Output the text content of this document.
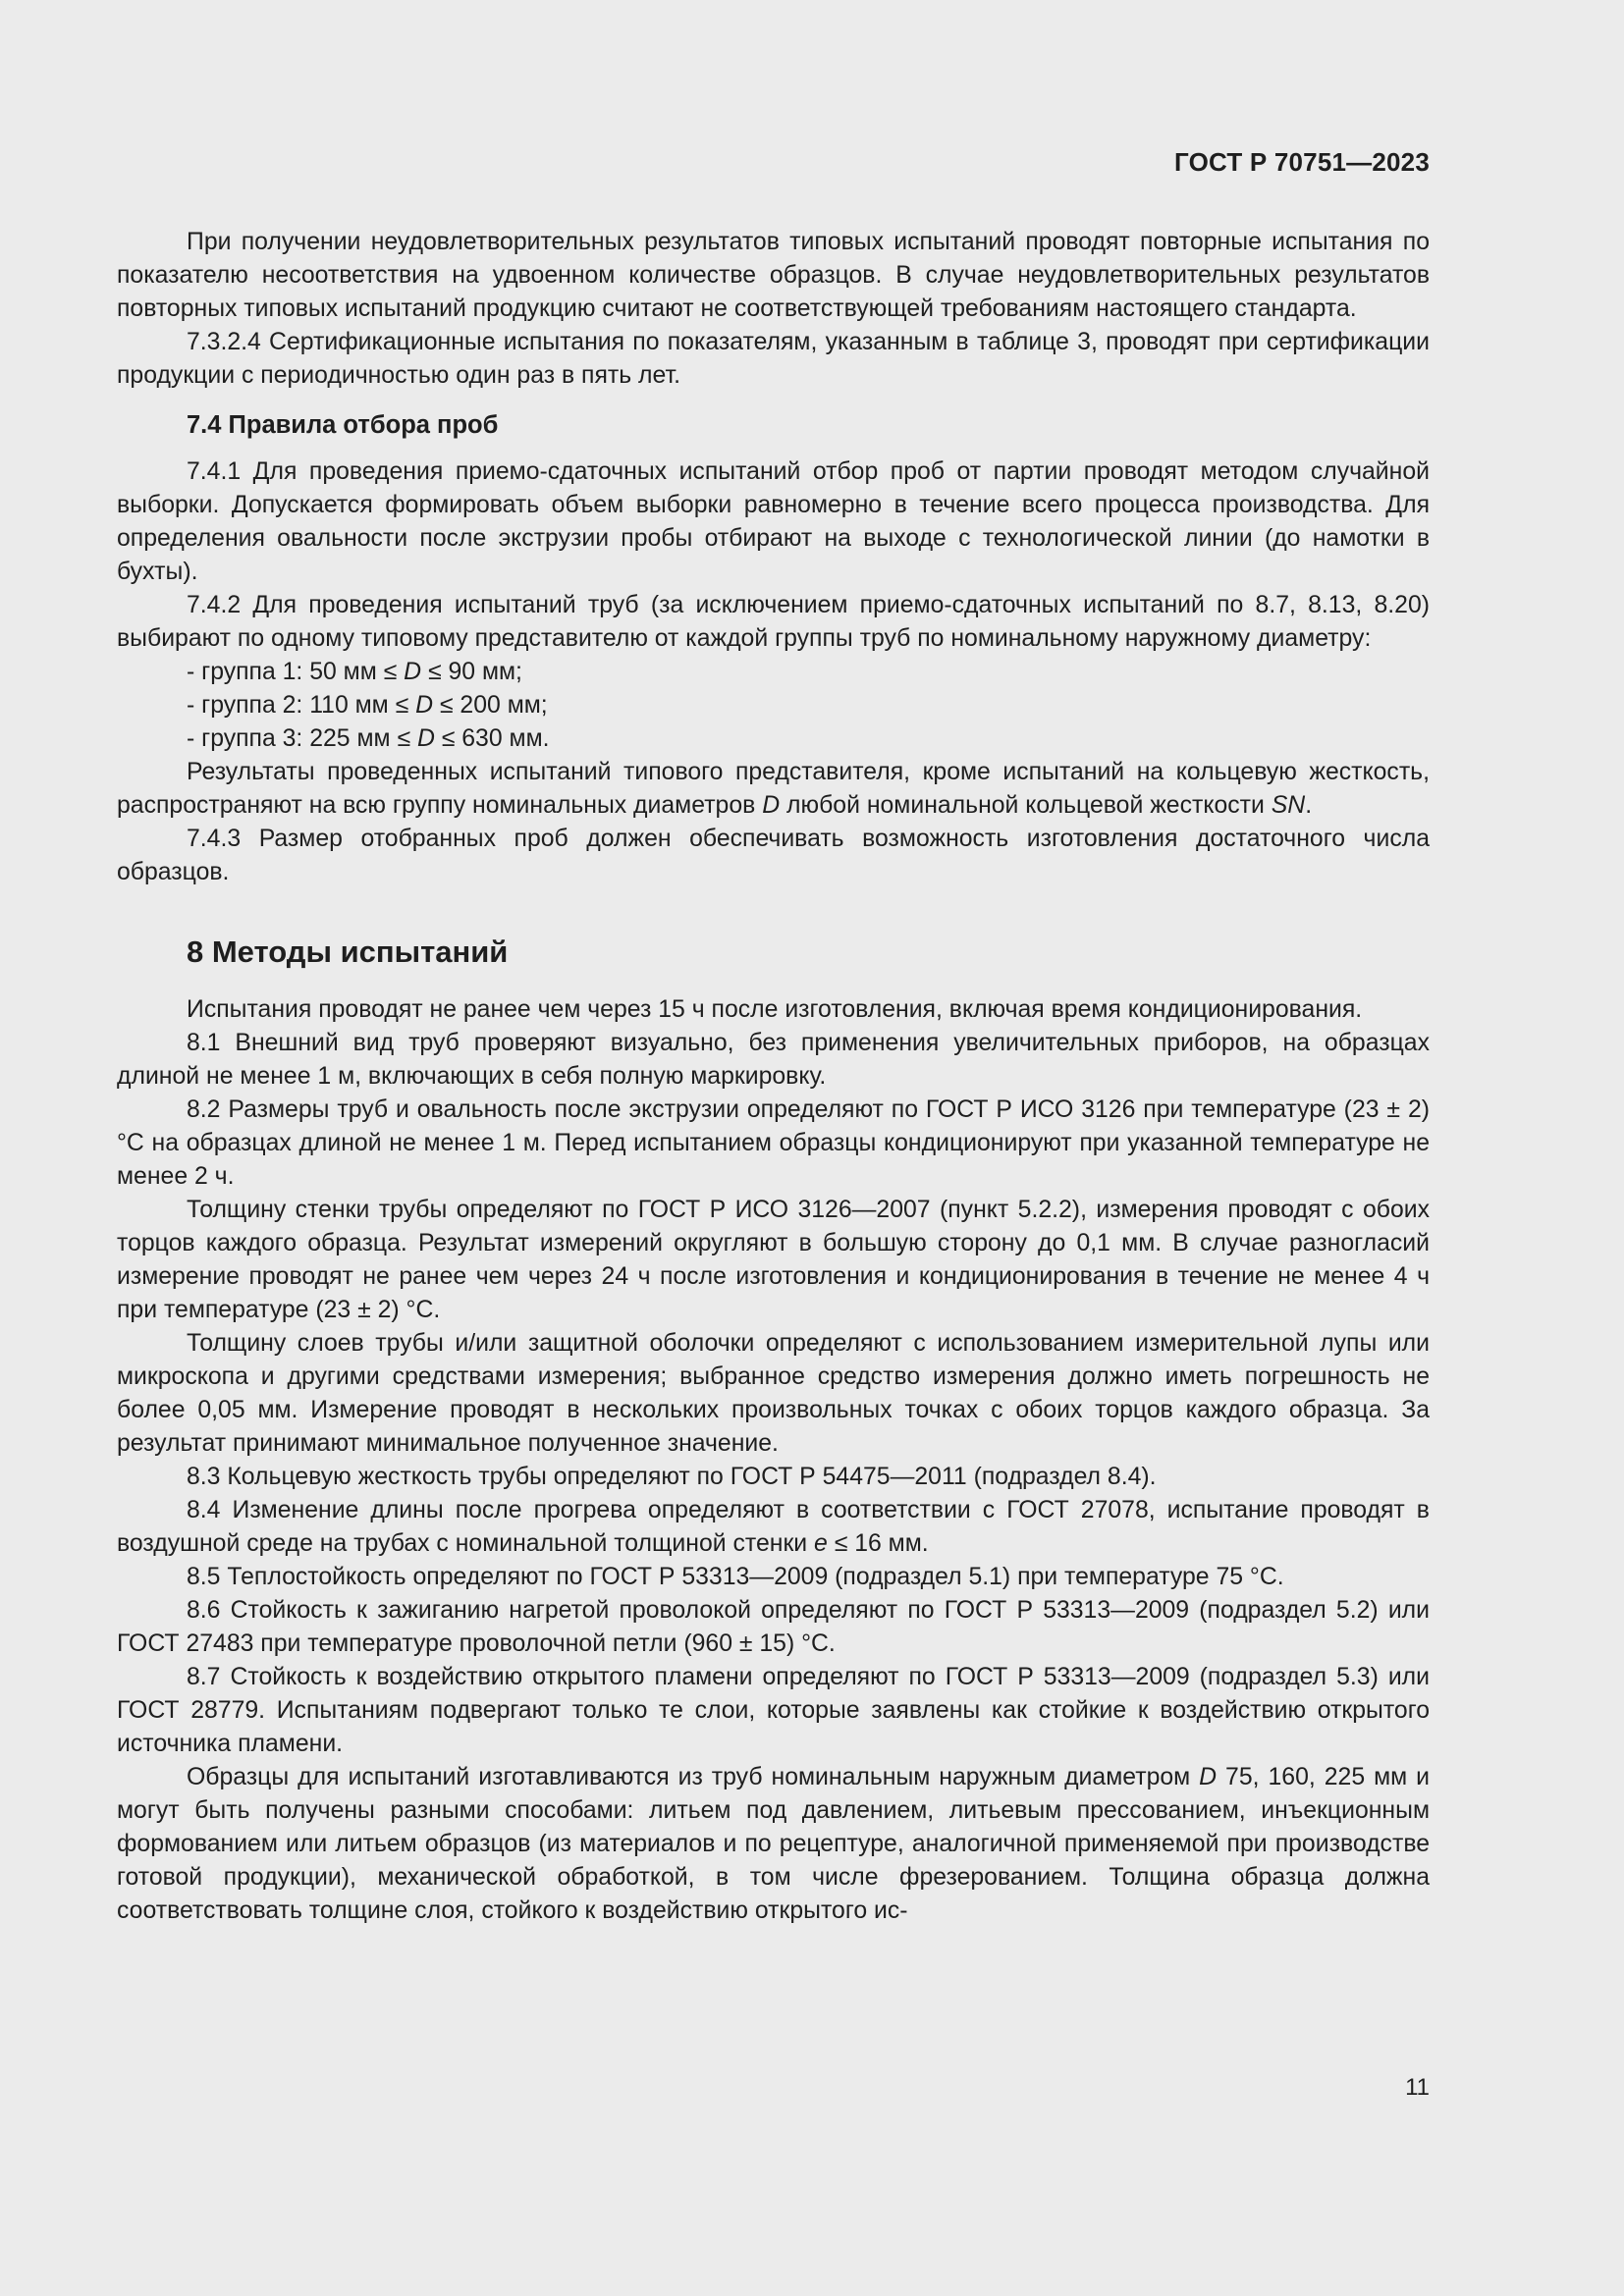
ГОСТ Р 70751—2023

При получении неудовлетворительных результатов типовых испытаний проводят повторные испытания по показателю несоответствия на удвоенном количестве образцов. В случае неудовлетворительных результатов повторных типовых испытаний продукцию считают не соответствующей требованиям настоящего стандарта.

7.3.2.4 Сертификационные испытания по показателям, указанным в таблице 3, проводят при сертификации продукции с периодичностью один раз в пять лет.

7.4 Правила отбора проб

7.4.1 Для проведения приемо-сдаточных испытаний отбор проб от партии проводят методом случайной выборки. Допускается формировать объем выборки равномерно в течение всего процесса производства. Для определения овальности после экструзии пробы отбирают на выходе с технологической линии (до намотки в бухты).

7.4.2 Для проведения испытаний труб (за исключением приемо-сдаточных испытаний по 8.7, 8.13, 8.20) выбирают по одному типовому представителю от каждой группы труб по номинальному наружному диаметру:

- группа 1: 50 мм ≤ D ≤ 90 мм;
- группа 2: 110 мм ≤ D ≤ 200 мм;
- группа 3: 225 мм ≤ D ≤ 630 мм.

Результаты проведенных испытаний типового представителя, кроме испытаний на кольцевую жесткость, распространяют на всю группу номинальных диаметров D любой номинальной кольцевой жесткости SN.

7.4.3 Размер отобранных проб должен обеспечивать возможность изготовления достаточного числа образцов.

8 Методы испытаний

Испытания проводят не ранее чем через 15 ч после изготовления, включая время кондиционирования.

8.1 Внешний вид труб проверяют визуально, без применения увеличительных приборов, на образцах длиной не менее 1 м, включающих в себя полную маркировку.

8.2 Размеры труб и овальность после экструзии определяют по ГОСТ Р ИСО 3126 при температуре (23 ± 2) °С на образцах длиной не менее 1 м. Перед испытанием образцы кондиционируют при указанной температуре не менее 2 ч.

Толщину стенки трубы определяют по ГОСТ Р ИСО 3126—2007 (пункт 5.2.2), измерения проводят с обоих торцов каждого образца. Результат измерений округляют в большую сторону до 0,1 мм. В случае разногласий измерение проводят не ранее чем через 24 ч после изготовления и кондиционирования в течение не менее 4 ч при температуре (23 ± 2) °С.

Толщину слоев трубы и/или защитной оболочки определяют с использованием измерительной лупы или микроскопа и другими средствами измерения; выбранное средство измерения должно иметь погрешность не более 0,05 мм. Измерение проводят в нескольких произвольных точках с обоих торцов каждого образца. За результат принимают минимальное полученное значение.

8.3 Кольцевую жесткость трубы определяют по ГОСТ Р 54475—2011 (подраздел 8.4).

8.4 Изменение длины после прогрева определяют в соответствии с ГОСТ 27078, испытание проводят в воздушной среде на трубах с номинальной толщиной стенки e ≤ 16 мм.

8.5 Теплостойкость определяют по ГОСТ Р 53313—2009 (подраздел 5.1) при температуре 75 °С.

8.6 Стойкость к зажиганию нагретой проволокой определяют по ГОСТ Р 53313—2009 (подраздел 5.2) или ГОСТ 27483 при температуре проволочной петли (960 ± 15) °С.

8.7 Стойкость к воздействию открытого пламени определяют по ГОСТ Р 53313—2009 (подраздел 5.3) или ГОСТ 28779. Испытаниям подвергают только те слои, которые заявлены как стойкие к воздействию открытого источника пламени.

Образцы для испытаний изготавливаются из труб номинальным наружным диаметром D 75, 160, 225 мм и могут быть получены разными способами: литьем под давлением, литьевым прессованием, инъекционным формованием или литьем образцов (из материалов и по рецептуре, аналогичной применяемой при производстве готовой продукции), механической обработкой, в том числе фрезерованием. Толщина образца должна соответствовать толщине слоя, стойкого к воздействию открытого ис-

11
